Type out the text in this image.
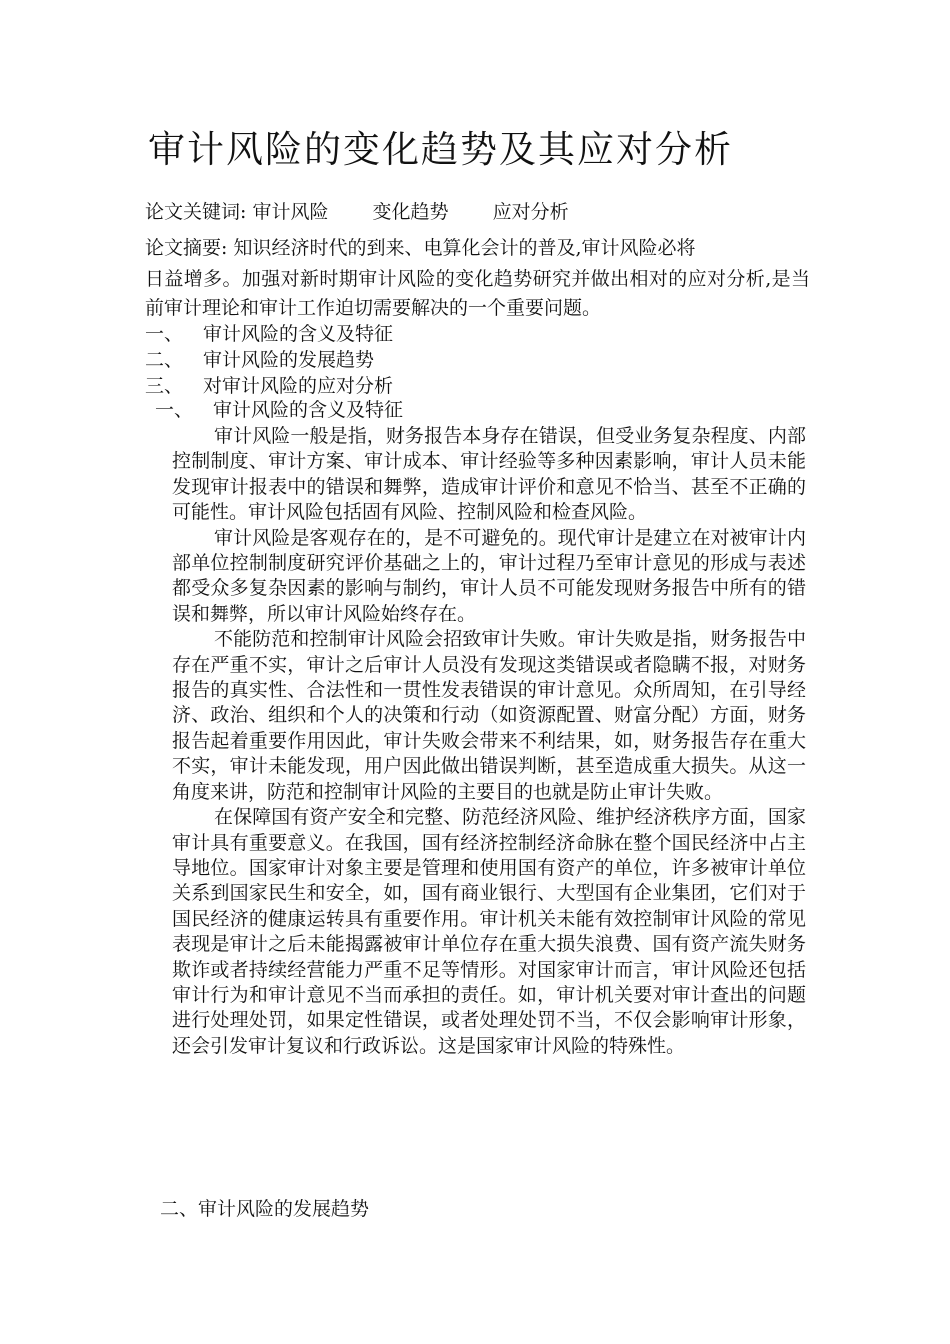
审计风险的变化趋势及其应对分析
论文关键词: 审计风险 变化趋势 应对分析
论文摘要: 知识经济时代的到来、电算化会计的普及,审计风险必将
日益增多。加强对新时期审计风险的变化趋势研究并做出相对的应对分析,是当前审计理论和审计工作迫切需要解决的一个重要问题。
一、 审计风险的含义及特征
二、 审计风险的发展趋势
三、 对审计风险的应对分析
一、 审计风险的含义及特征

审计风险一般是指，财务报告本身存在错误，但受业务复杂程度、内部控制制度、审计方案、审计成本、审计经验等多种因素影响，审计人员未能发现审计报表中的错误和舞弊，造成审计评价和意见不恰当、甚至不正确的可能性。审计风险包括固有风险、控制风险和检查风险。

审计风险是客观存在的，是不可避免的。现代审计是建立在对被审计内部单位控制制度研究评价基础之上的，审计过程乃至审计意见的形成与表述都受众多复杂因素的影响与制约，审计人员不可能发现财务报告中所有的错误和舞弊，所以审计风险始终存在。

不能防范和控制审计风险会招致审计失败。审计失败是指，财务报告中存在严重不实，审计之后审计人员没有发现这类错误或者隐瞒不报，对财务报告的真实性、合法性和一贯性发表错误的审计意见。众所周知，在引导经济、政治、组织和个人的决策和行动（如资源配置、财富分配）方面，财务报告起着重要作用因此，审计失败会带来不利结果，如，财务报告存在重大不实，审计未能发现，用户因此做出错误判断，甚至造成重大损失。从这一角度来讲，防范和控制审计风险的主要目的也就是防止审计失败。

在保障国有资产安全和完整、防范经济风险、维护经济秩序方面，国家审计具有重要意义。在我国，国有经济控制经济命脉在整个国民经济中占主导地位。国家审计对象主要是管理和使用国有资产的单位，许多被审计单位关系到国家民生和安全，如，国有商业银行、大型国有企业集团，它们对于国民经济的健康运转具有重要作用。审计机关未能有效控制审计风险的常见表现是审计之后未能揭露被审计单位存在重大损失浪费、国有资产流失财务欺诈或者持续经营能力严重不足等情形。对国家审计而言，审计风险还包括审计行为和审计意见不当而承担的责任。如，审计机关要对审计查出的问题进行处理处罚，如果定性错误，或者处理处罚不当，不仅会影响审计形象，还会引发审计复议和行政诉讼。这是国家审计风险的特殊性。

二、审计风险的发展趋势
